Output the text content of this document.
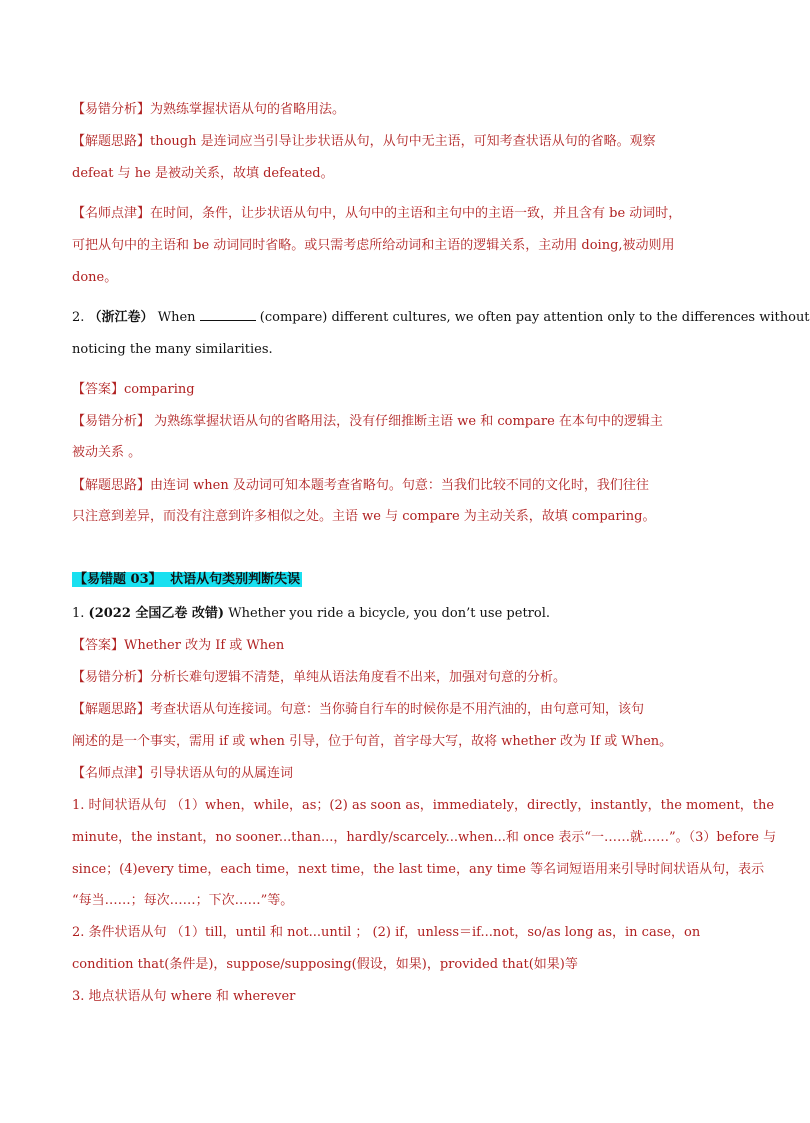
【易错分析】为熟练掌握状语从句的省略用法。
【解题思路】though 是连词应当引导让步状语从句，从句中无主语，可知考查状语从句的省略。观察
defeat 与 he 是被动关系，故填 defeated。
【名师点津】在时间，条件，让步状语从句中，从句中的主语和主句中的主语一致，并且含有 be 动词时，
可把从句中的主语和 be 动词同时省略。或只需考虑所给动词和主语的逻辑关系，主动用 doing,被动则用
done。
2. （浙江卷） When	(compare) different cultures, we often pay attention only to the differences without
noticing the many similarities.
【答案】comparing
【易错分析】 为熟练掌握状语从句的省略用法，没有仔细推断主语 we 和 compare 在本句中的逻辑主
被动关系 。
【解题思路】由连词 when 及动词可知本题考查省略句。句意：当我们比较不同的文化时，我们往往
只注意到差异，而没有注意到许多相似之处。主语 we 与 compare 为主动关系，故填 comparing。
【易错题 03】 状语从句类别判断失误
1. (2022 全国乙卷 改错) Whether you ride a bicycle, you don’t use petrol.
【答案】Whether 改为 If 或 When
【易错分析】分析长难句逻辑不清楚，单纯从语法角度看不出来，加强对句意的分析。
【解题思路】考查状语从句连接词。句意：当你骑自行车的时候你是不用汽油的，由句意可知，该句
阐述的是一个事实，需用 if 或 when 引导，位于句首，首字母大写，故将 whether 改为 If 或 When。
【名师点津】引导状语从句的从属连词
1. 时间状语从句 （1）when，while，as；(2) as soon as，immediately，directly，instantly，the moment，the
minute，the instant，no sooner...than...，hardly/scarcely...when...和 once 表示“一……就……”。（3）before 与
since；(4)every time，each time，next time，the last time，any time 等名词短语用来引导时间状语从句，表示
“每当……；每次……；下次……”等。
2. 条件状语从句 （1）till，until 和 not...until ； (2) if，unless＝if...not，so/as long as，in case，on
condition that(条件是)，suppose/supposing(假设，如果)，provided that(如果)等
3. 地点状语从句 where 和 wherever
